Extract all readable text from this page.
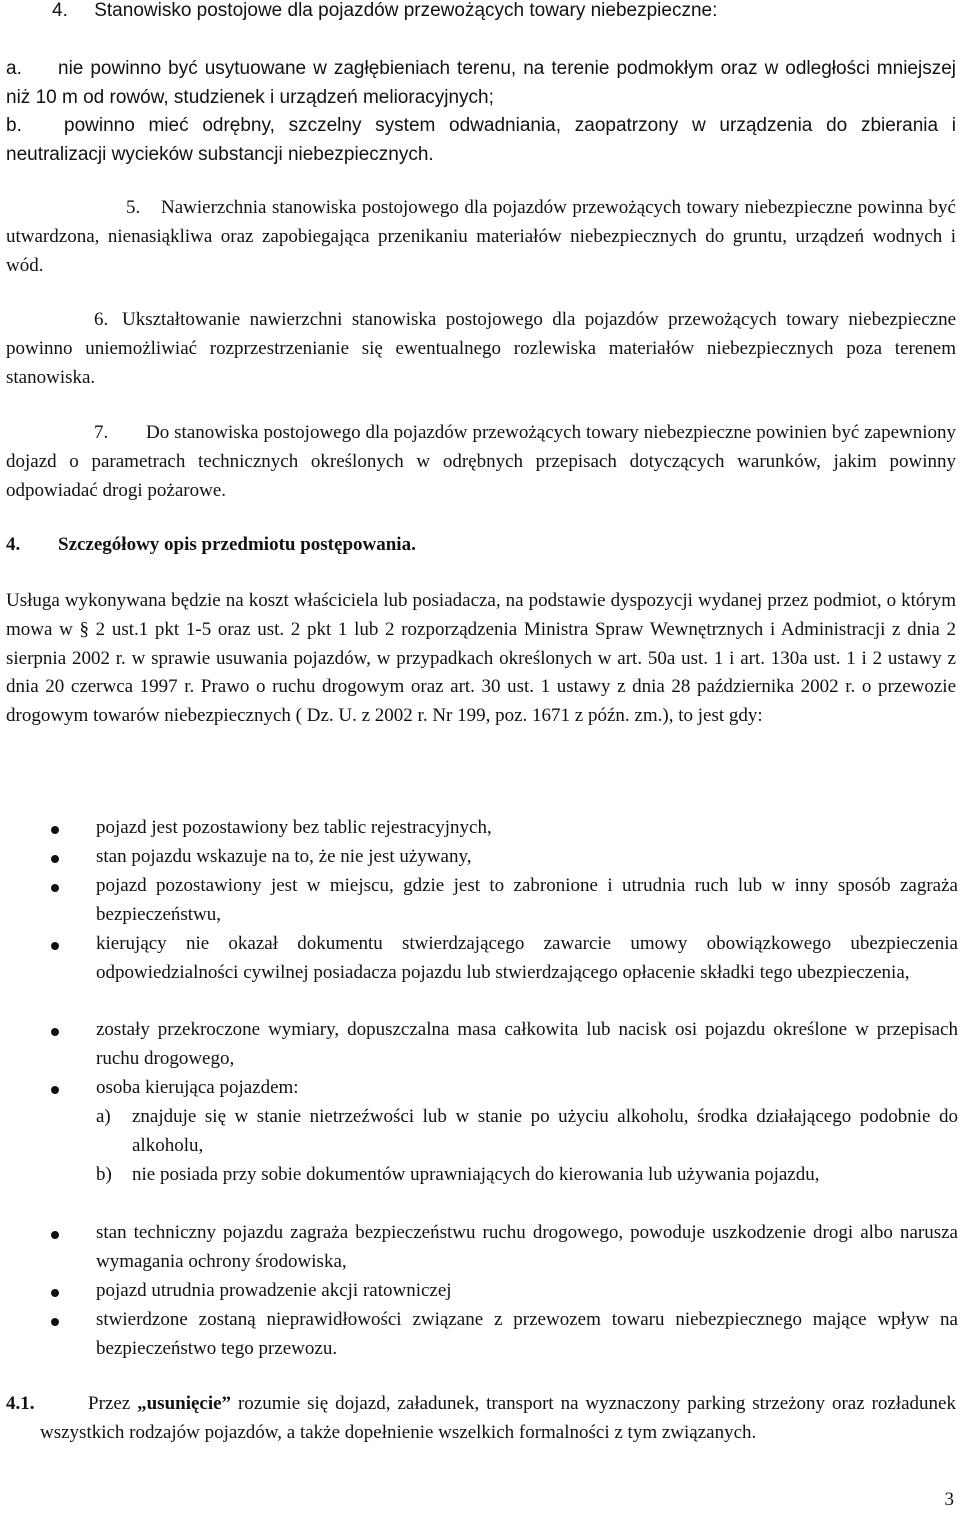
4.	Stanowisko postojowe dla pojazdów przewożących towary niebezpieczne:

a.	nie powinno być usytuowane w zagłębieniach terenu, na terenie podmokłym oraz w odległości mniejszej niż 10 m od rowów, studzienek i urządzeń melioracyjnych;
b.	powinno mieć odrębny, szczelny system odwadniania, zaopatrzony w urządzenia do zbierania i neutralizacji wycieków substancji niebezpiecznych.
5.	Nawierzchnia stanowiska postojowego dla pojazdów przewożących towary niebezpieczne powinna być utwardzona, nienasiąkliwa oraz zapobiegająca przenikaniu materiałów niebezpiecznych do gruntu, urządzeń wodnych i wód.
6. Ukształtowanie nawierzchni stanowiska postojowego dla pojazdów przewożących towary niebezpieczne powinno uniemożliwiać rozprzestrzenianie się ewentualnego rozlewiska materiałów niebezpiecznych poza terenem stanowiska.
7.	Do stanowiska postojowego dla pojazdów przewożących towary niebezpieczne powinien być zapewniony dojazd o parametrach technicznych określonych w odrębnych przepisach dotyczących warunków, jakim powinny odpowiadać drogi pożarowe.
4. Szczegółowy opis przedmiotu postępowania.

Usługa wykonywana będzie na koszt właściciela lub posiadacza, na podstawie dyspozycji wydanej przez podmiot, o którym mowa w § 2 ust.1 pkt 1-5 oraz ust. 2 pkt 1 lub 2 rozporządzenia Ministra Spraw Wewnętrznych i Administracji z dnia 2 sierpnia 2002 r. w sprawie usuwania pojazdów, w przypadkach określonych w art. 50a ust. 1 i art. 130a ust. 1 i 2 ustawy z dnia 20 czerwca 1997 r. Prawo o ruchu drogowym oraz art. 30 ust. 1 ustawy z dnia 28 października 2002 r. o przewozie drogowym towarów niebezpiecznych ( Dz. U. z 2002 r. Nr 199, poz. 1671 z późn. zm.), to jest gdy:

pojazd jest pozostawiony bez tablic rejestracyjnych,

stan pojazdu wskazuje na to, że nie jest używany,

pojazd pozostawiony jest w miejscu, gdzie jest to zabronione i utrudnia ruch lub w inny sposób zagraża bezpieczeństwu,

kierujący nie okazał dokumentu stwierdzającego zawarcie umowy obowiązkowego ubezpieczenia odpowiedzialności cywilnej posiadacza pojazdu lub stwierdzającego opłacenie składki tego ubezpieczenia,

zostały przekroczone wymiary, dopuszczalna masa całkowita lub nacisk osi pojazdu określone w przepisach ruchu drogowego,

osoba kierująca pojazdem:

a) znajduje się w stanie nietrzeźwości lub w stanie po użyciu alkoholu, środka działającego podobnie do alkoholu,
b) nie posiada przy sobie dokumentów uprawniających do kierowania lub używania pojazdu,

stan techniczny pojazdu zagraża bezpieczeństwu ruchu drogowego, powoduje uszkodzenie drogi albo narusza wymagania ochrony środowiska,

pojazd utrudnia prowadzenie akcji ratowniczej

stwierdzone zostaną nieprawidłowości związane z przewozem towaru niebezpiecznego mające wpływ na bezpieczeństwo tego przewozu.

4.1.	Przez „usunięcie” rozumie się dojazd, załadunek, transport na wyznaczony parking strzeżony oraz rozładunek wszystkich rodzajów pojazdów, a także dopełnienie wszelkich formalności z tym związanych.
3
